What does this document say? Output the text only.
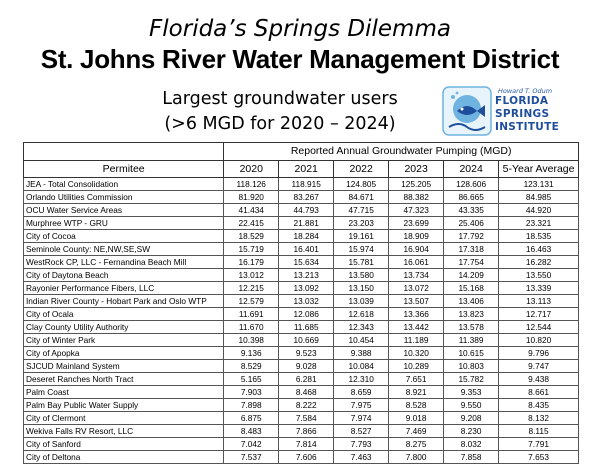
Florida’s Springs Dilemma
St. Johns River Water Management District
Largest groundwater users
(>6 MGD for 2020 – 2024)
Howard T. Odum
FLORIDA
SPRINGS
INSTITUTE
	Reported Annual Groundwater Pumping (MGD)					
Permitee	2020	2021	2022	2023	2024	5-Year Average
JEA - Total Consolidation	118.126	118.915	124.805	125.205	128.606	123.131
Orlando Utilities Commission	81.920	83.267	84.671	88.382	86.665	84.985
OCU Water Service Areas	41.434	44.793	47.715	47.323	43.335	44.920
Murphree WTP - GRU	22.415	21.881	23.203	23.699	25.406	23.321
City of Cocoa	18.529	18.284	19.161	18.909	17.792	18.535
Seminole County: NE,NW,SE,SW	15.719	16.401	15.974	16.904	17.318	16.463
WestRock CP, LLC - Fernandina Beach Mill	16.179	15.634	15.781	16.061	17.754	16.282
City of Daytona Beach	13.012	13.213	13.580	13.734	14.209	13.550
Rayonier Performance Fibers, LLC	12.215	13.092	13.150	13.072	15.168	13.339
Indian River County - Hobart Park and Oslo WTP	12.579	13.032	13.039	13.507	13.406	13.113
City of Ocala	11.691	12.086	12.618	13.366	13.823	12.717
Clay County Utility Authority	11.670	11.685	12.343	13.442	13.578	12.544
City of Winter Park	10.398	10.669	10.454	11.189	11.389	10.820
City of Apopka	9.136	9.523	9.388	10.320	10.615	9.796
SJCUD Mainland System	8.529	9.028	10.084	10.289	10.803	9.747
Deseret Ranches North Tract	5.165	6.281	12.310	7.651	15.782	9.438
Palm Coast	7.903	8.468	8.659	8.921	9.353	8.661
Palm Bay Public Water Supply	7.898	8.222	7.975	8.528	9.550	8.435
City of Clermont	6.875	7.584	7.974	9.018	9.208	8.132
Wekiva Falls RV Resort, LLC	8.483	7.866	8.527	7.469	8.230	8.115
City of Sanford	7.042	7.814	7.793	8.275	8.032	7.791
City of Deltona	7.537	7.606	7.463	7.800	7.858	7.653
